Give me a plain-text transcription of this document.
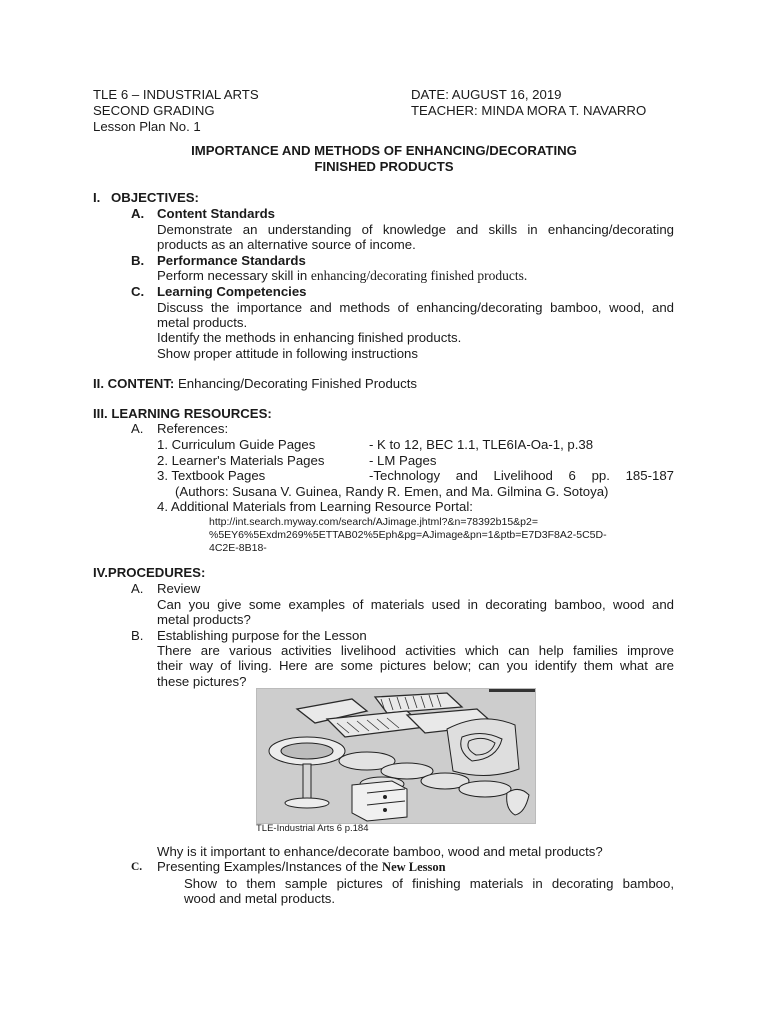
TLE 6 – INDUSTRIAL ARTS
SECOND GRADING
Lesson Plan No. 1
DATE: AUGUST 16, 2019
TEACHER: MINDA MORA T. NAVARRO
IMPORTANCE AND METHODS OF ENHANCING/DECORATING
FINISHED PRODUCTS
I. OBJECTIVES:
A. Content Standards
Demonstrate an understanding of knowledge and skills in enhancing/decorating
products as an alternative source of income.
B. Performance Standards
Perform necessary skill in enhancing/decorating finished products.
C. Learning Competencies
Discuss the importance and methods of enhancing/decorating bamboo, wood, and
metal products.
Identify the methods in enhancing finished products.
Show proper attitude in following instructions
II. CONTENT: Enhancing/Decorating Finished Products
III. LEARNING RESOURCES:
A. References:
1. Curriculum Guide Pages	- K to 12, BEC 1.1, TLE6IA-Oa-1, p.38
2. Learner's Materials Pages	- LM Pages
3. Textbook Pages	-Technology and Livelihood 6 pp. 185-187
(Authors: Susana V. Guinea, Randy R. Emen, and Ma. Gilmina G. Sotoya)
4. Additional Materials from Learning Resource Portal:
http://int.search.myway.com/search/AJimage.jhtml?&n=78392b15&p2=
%5EY6%5Exdm269%5ETTAB02%5Eph&pg=AJimage&pn=1&ptb=E7D3F8A2-5C5D-
4C2E-8B18-
IV.PROCEDURES:
A. Review
Can you give some examples of materials used in decorating bamboo, wood and
metal products?
B. Establishing purpose for the Lesson
There are various activities livelihood activities which can help families improve
their way of living. Here are some pictures below; can you identify them what are
these pictures?
TLE-Industrial Arts 6 p.184
Why is it important to enhance/decorate bamboo, wood and metal products?
C. Presenting Examples/Instances of the New Lesson
Show to them sample pictures of finishing materials in decorating bamboo,
wood and metal products.
